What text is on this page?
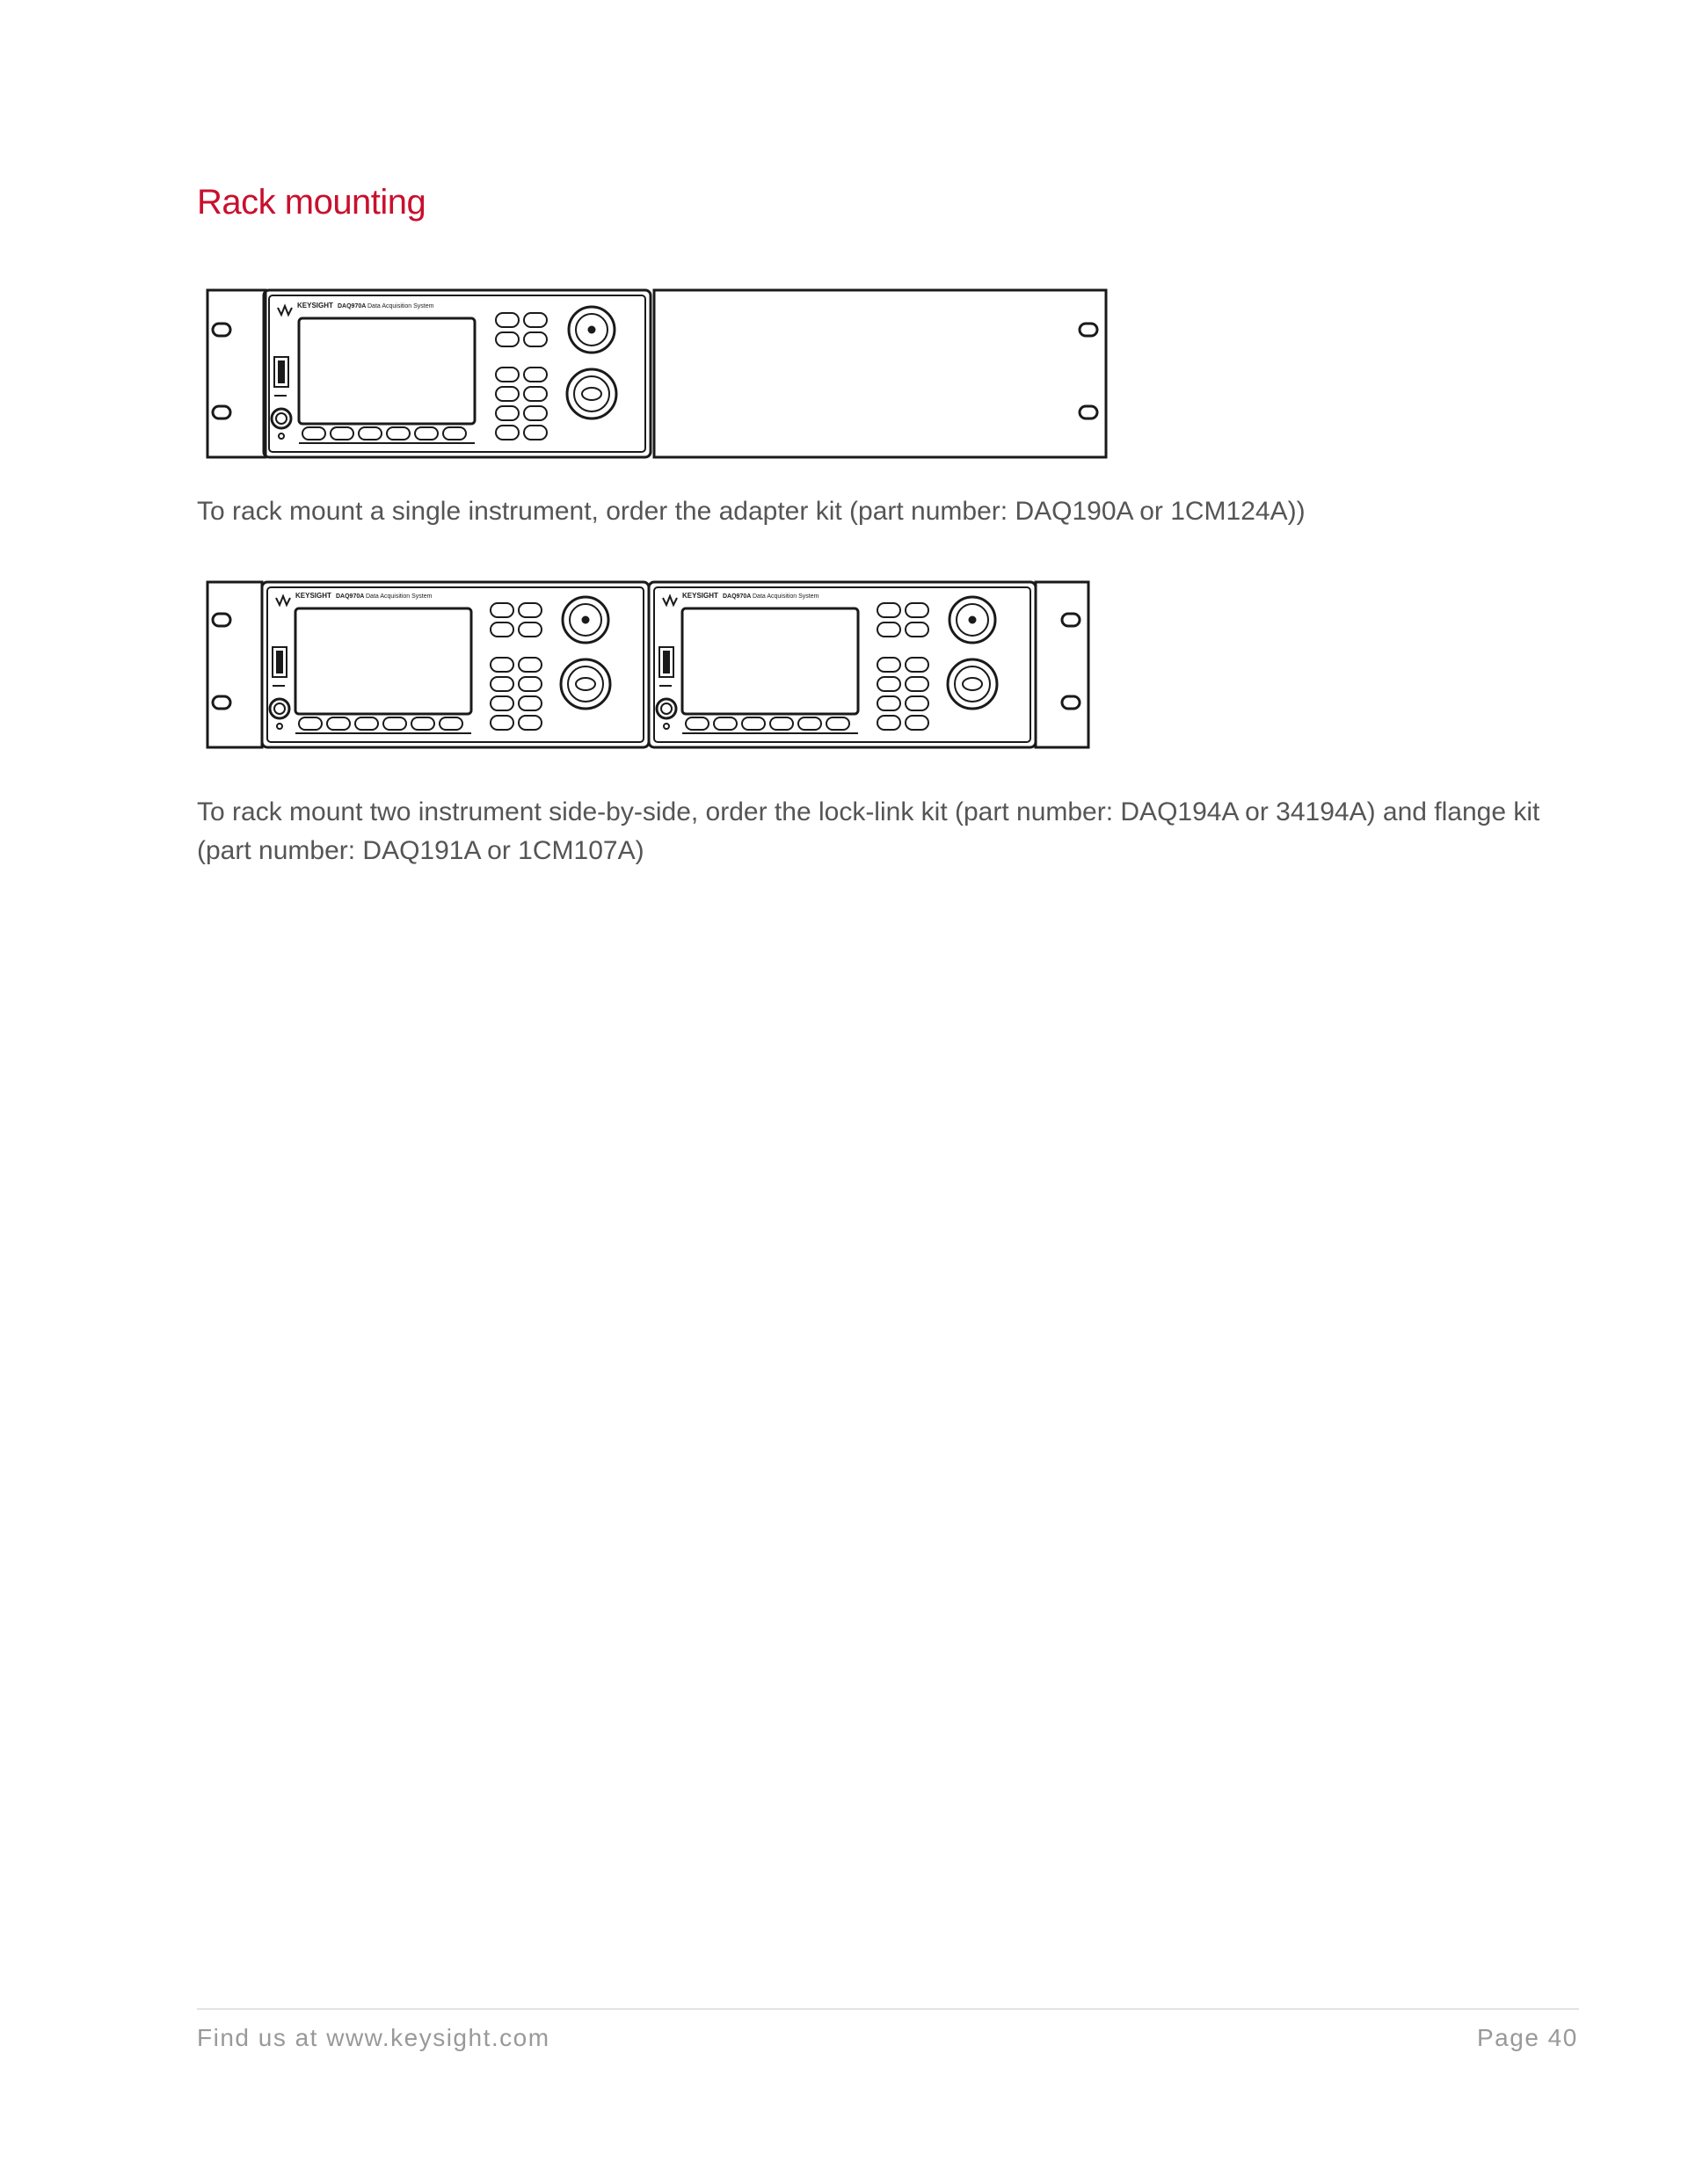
Rack mounting
KEYSIGHT DAQ970A Data Acquisition System

To rack mount a single instrument, order the adapter kit (part number: DAQ190A or 1CM124A))

KEYSIGHT DAQ970A Data Acquisition System	KEYSIGHT DAQ970A Data Acquisition System

To rack mount two instrument side-by-side, order the lock-link kit (part number: DAQ194A or 34194A) and flange kit (part number: DAQ191A or 1CM107A)

Find us at www.keysight.com	Page 40
